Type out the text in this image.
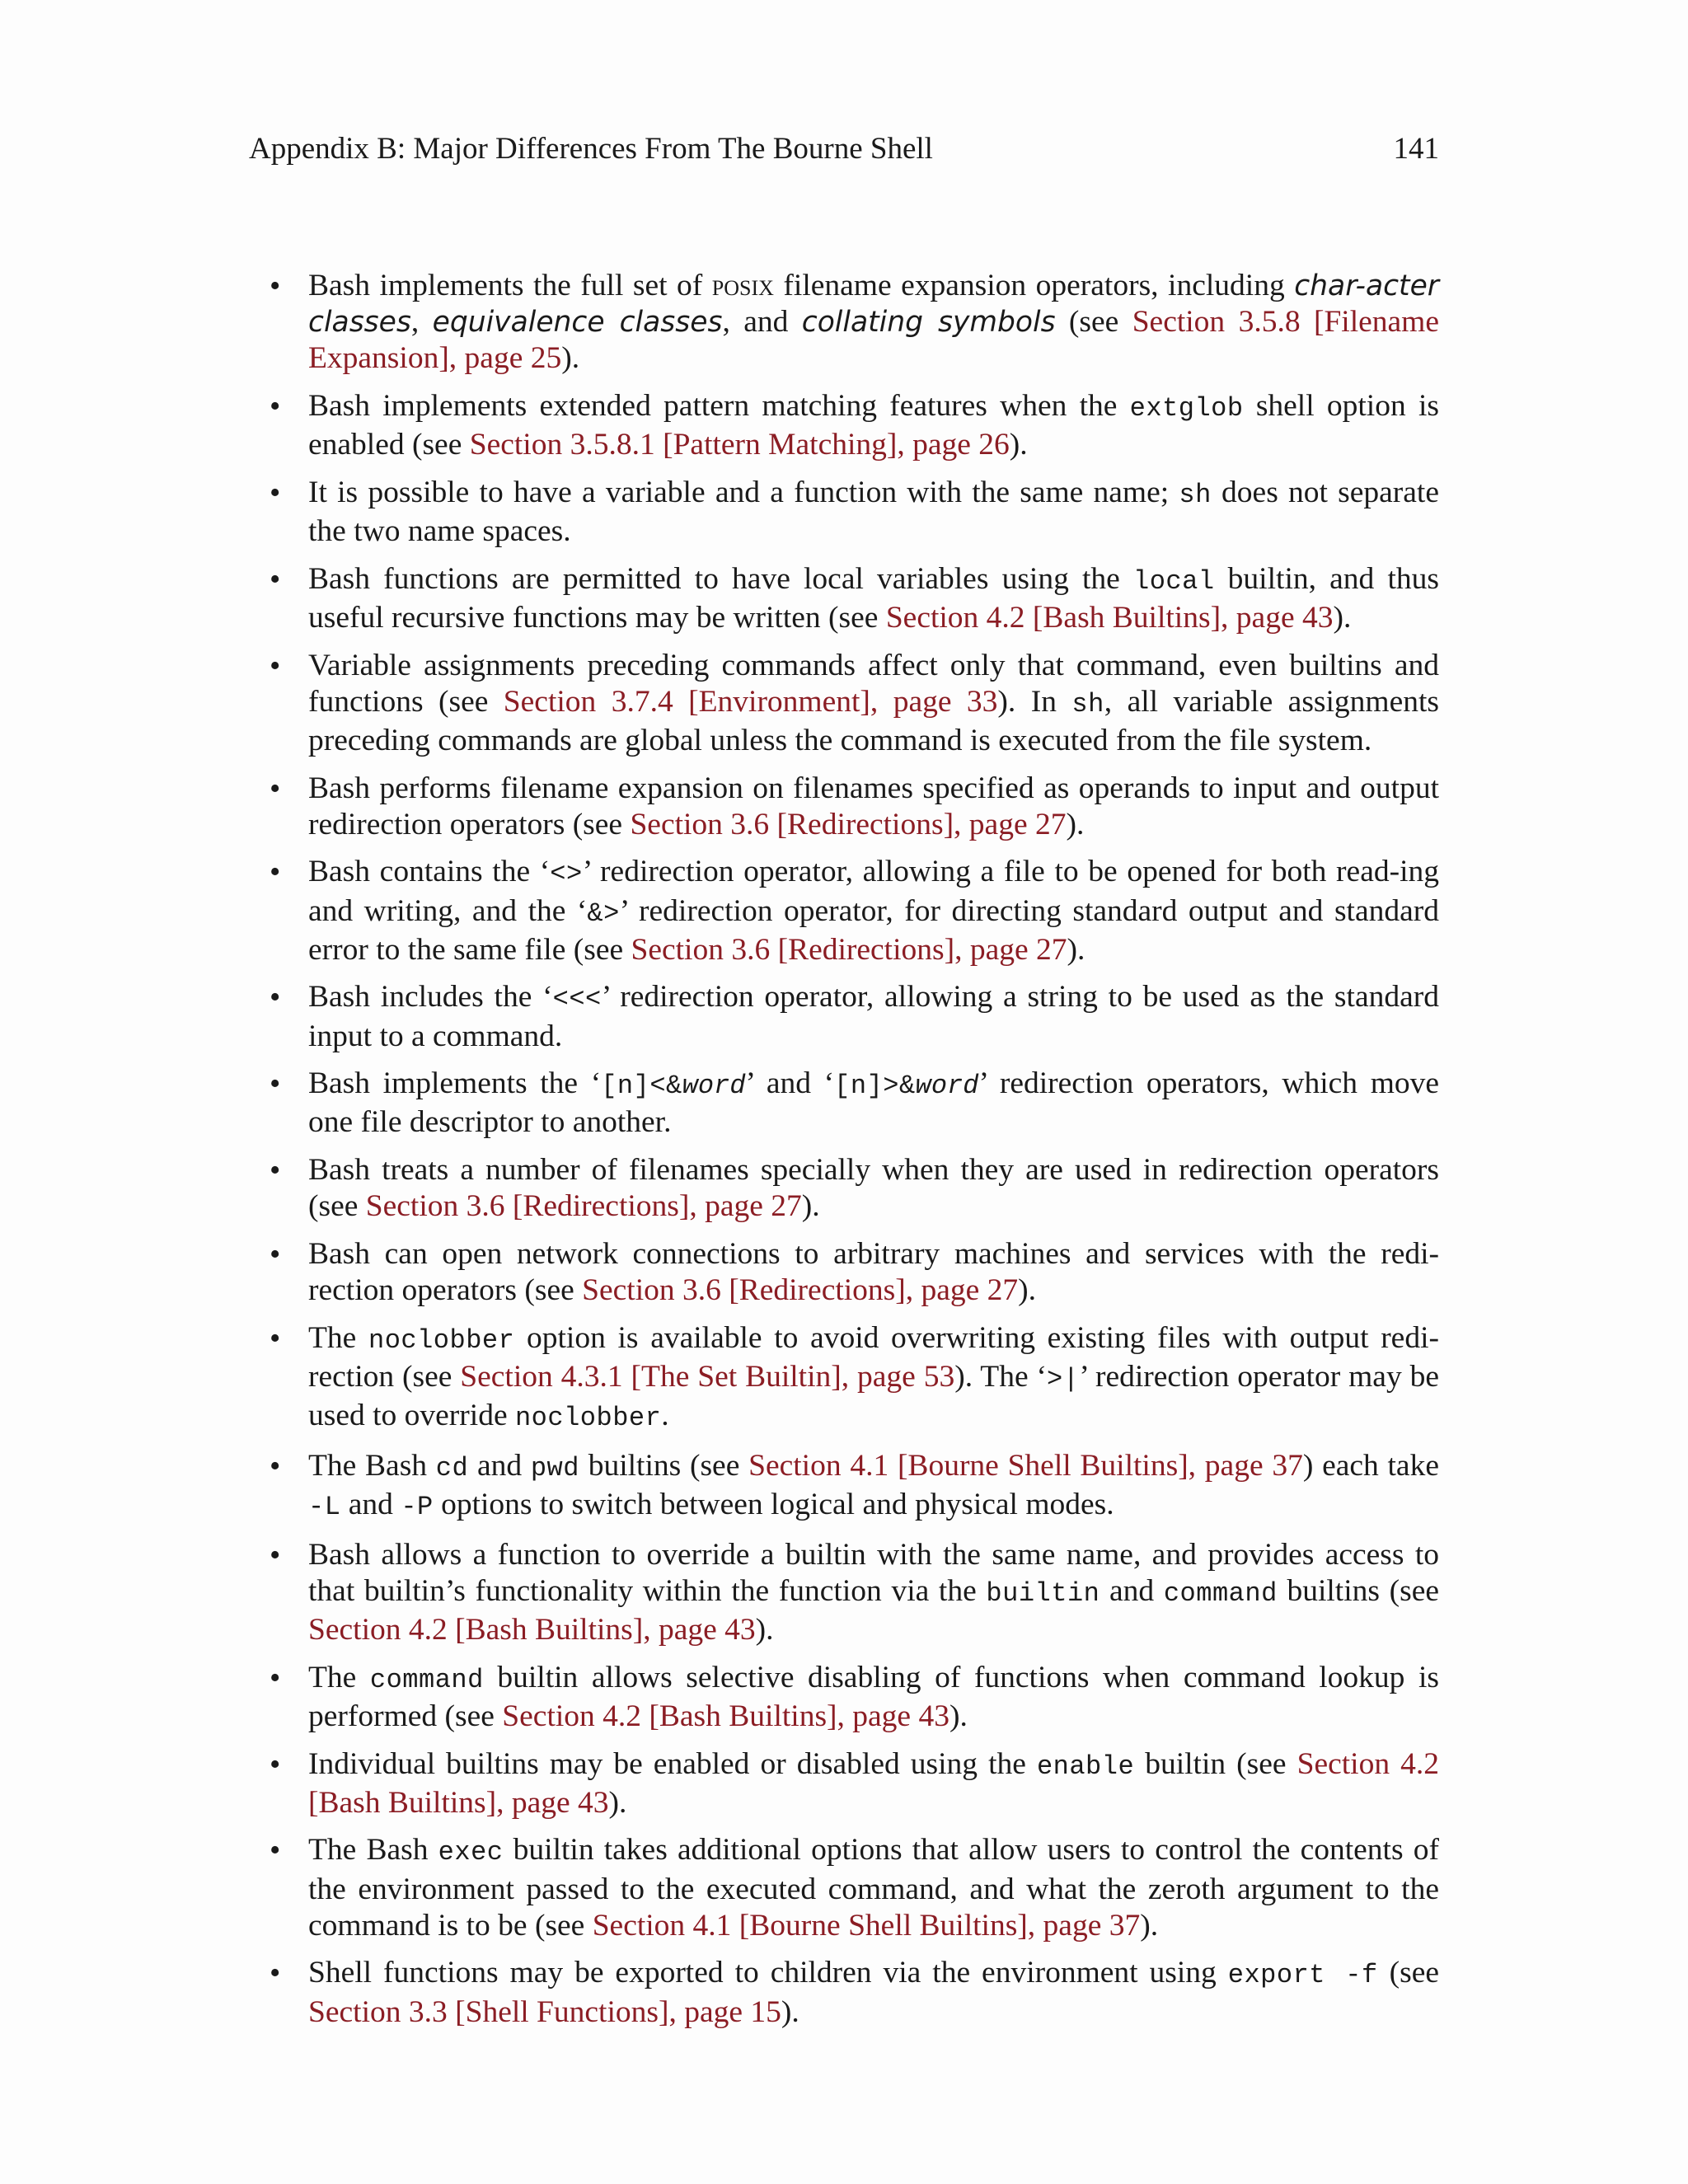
Appendix B: Major Differences From The Bourne Shell	141
• Bash implements the full set of posix filename expansion operators, including char-acter classes, equivalence classes, and collating symbols (see Section 3.5.8 [Filename Expansion], page 25).
• Bash implements extended pattern matching features when the extglob shell option is enabled (see Section 3.5.8.1 [Pattern Matching], page 26).
• It is possible to have a variable and a function with the same name; sh does not separate the two name spaces.
• Bash functions are permitted to have local variables using the local builtin, and thus useful recursive functions may be written (see Section 4.2 [Bash Builtins], page 43).
• Variable assignments preceding commands affect only that command, even builtins and functions (see Section 3.7.4 [Environment], page 33). In sh, all variable assignments preceding commands are global unless the command is executed from the file system.
• Bash performs filename expansion on filenames specified as operands to input and output redirection operators (see Section 3.6 [Redirections], page 27).
• Bash contains the ‘<>’ redirection operator, allowing a file to be opened for both read-ing and writing, and the ‘&>’ redirection operator, for directing standard output and standard error to the same file (see Section 3.6 [Redirections], page 27).
• Bash includes the ‘<<<’ redirection operator, allowing a string to be used as the standard input to a command.
• Bash implements the ‘[n]<&word’ and ‘[n]>&word’ redirection operators, which move one file descriptor to another.
• Bash treats a number of filenames specially when they are used in redirection operators (see Section 3.6 [Redirections], page 27).
• Bash can open network connections to arbitrary machines and services with the redi-rection operators (see Section 3.6 [Redirections], page 27).
• The noclobber option is available to avoid overwriting existing files with output redi-rection (see Section 4.3.1 [The Set Builtin], page 53). The ‘>|’ redirection operator may be used to override noclobber.
• The Bash cd and pwd builtins (see Section 4.1 [Bourne Shell Builtins], page 37) each take -L and -P options to switch between logical and physical modes.
• Bash allows a function to override a builtin with the same name, and provides access to that builtin’s functionality within the function via the builtin and command builtins (see Section 4.2 [Bash Builtins], page 43).
• The command builtin allows selective disabling of functions when command lookup is performed (see Section 4.2 [Bash Builtins], page 43).
• Individual builtins may be enabled or disabled using the enable builtin (see Section 4.2 [Bash Builtins], page 43).
• The Bash exec builtin takes additional options that allow users to control the contents of the environment passed to the executed command, and what the zeroth argument to the command is to be (see Section 4.1 [Bourne Shell Builtins], page 37).
• Shell functions may be exported to children via the environment using export -f (see Section 3.3 [Shell Functions], page 15).
